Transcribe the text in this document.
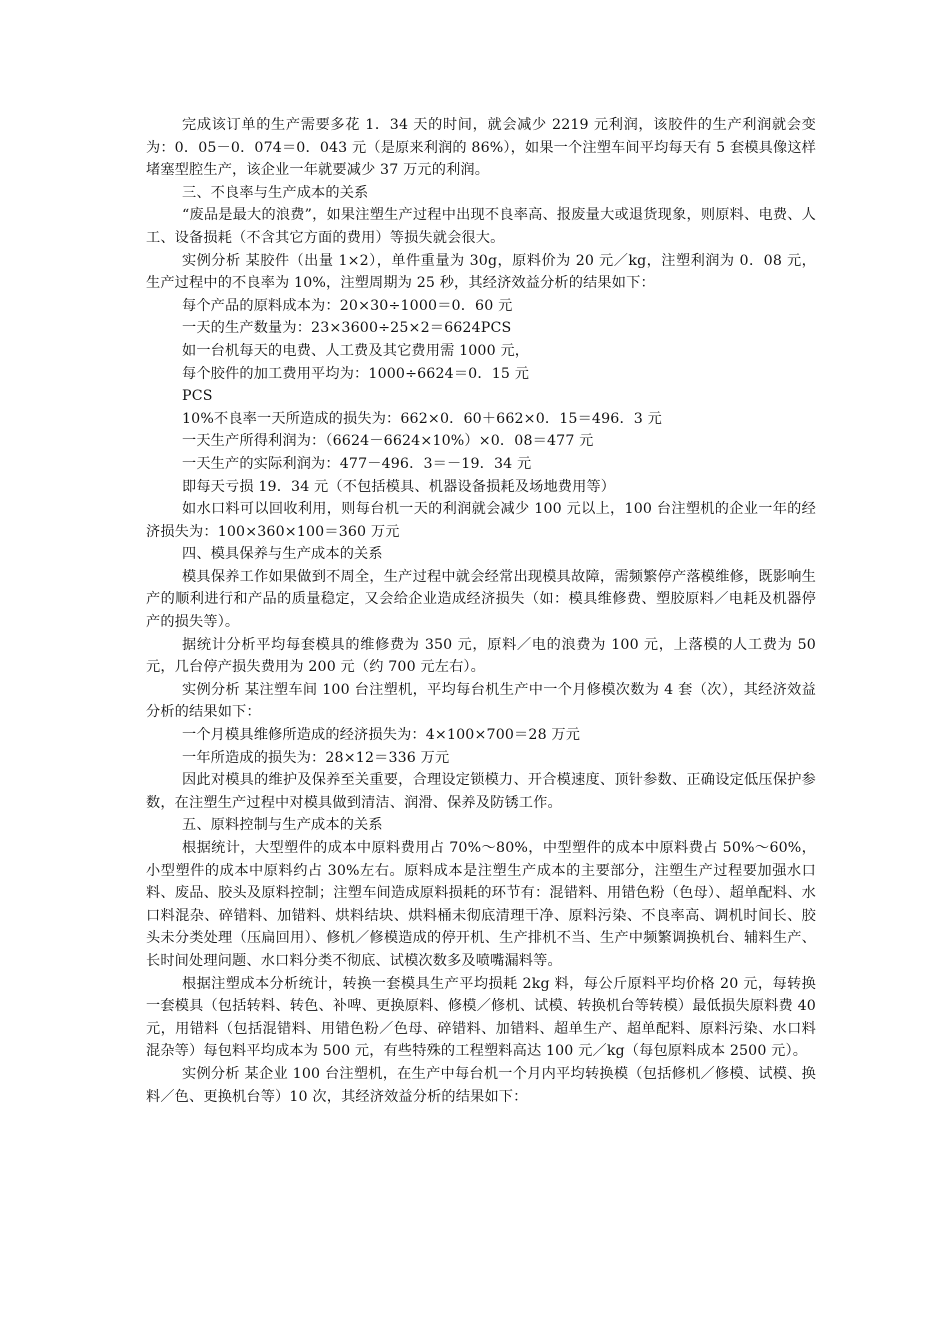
完成该订单的生产需要多花 1．34 天的时间，就会减少 2219 元利润，该胶件的生产利润就会变为：0．05－0．074＝0．043 元（是原来利润的 86%），如果一个注塑车间平均每天有 5 套模具像这样堵塞型腔生产，该企业一年就要减少 37 万元的利润。

三、不良率与生产成本的关系

“废品是最大的浪费”，如果注塑生产过程中出现不良率高、报废量大或退货现象，则原料、电费、人工、设备损耗（不含其它方面的费用）等损失就会很大。

实例分析 某胶件（出量 1×2），单件重量为 30g，原料价为 20 元／kg，注塑利润为 0．08 元，生产过程中的不良率为 10%，注塑周期为 25 秒，其经济效益分析的结果如下：

每个产品的原料成本为：20×30÷1000＝0．60 元

一天的生产数量为：23×3600÷25×2＝6624PCS

如一台机每天的电费、人工费及其它费用需 1000 元，

每个胶件的加工费用平均为：1000÷6624＝0．15 元

PCS

10%不良率一天所造成的损失为：662×0．60＋662×0．15＝496．3 元

一天生产所得利润为：（6624－6624×10%）×0．08＝477 元

一天生产的实际利润为：477－496．3＝－19．34 元

即每天亏损 19．34 元（不包括模具、机器设备损耗及场地费用等）

如水口料可以回收利用，则每台机一天的利润就会减少 100 元以上，100 台注塑机的企业一年的经济损失为：100×360×100＝360 万元

四、模具保养与生产成本的关系

模具保养工作如果做到不周全，生产过程中就会经常出现模具故障，需频繁停产落模维修，既影响生产的顺利进行和产品的质量稳定，又会给企业造成经济损失（如：模具维修费、塑胶原料／电耗及机器停产的损失等）。

据统计分析平均每套模具的维修费为 350 元，原料／电的浪费为 100 元，上落模的人工费为 50 元，几台停产损失费用为 200 元（约 700 元左右）。

实例分析 某注塑车间 100 台注塑机，平均每台机生产中一个月修模次数为 4 套（次），其经济效益分析的结果如下：

一个月模具维修所造成的经济损失为：4×100×700＝28 万元

一年所造成的损失为：28×12＝336 万元

因此对模具的维护及保养至关重要，合理设定锁模力、开合模速度、顶针参数、正确设定低压保护参数，在注塑生产过程中对模具做到清洁、润滑、保养及防锈工作。

五、原料控制与生产成本的关系

根据统计，大型塑件的成本中原料费用占 70%～80%，中型塑件的成本中原料费占 50%～60%，小型塑件的成本中原料约占 30%左右。原料成本是注塑生产成本的主要部分，注塑生产过程要加强水口料、废品、胶头及原料控制；注塑车间造成原料损耗的环节有：混错料、用错色粉（色母）、超单配料、水口料混杂、碎错料、加错料、烘料结块、烘料桶未彻底清理干净、原料污染、不良率高、调机时间长、胶头未分类处理（压扁回用）、修机／修模造成的停开机、生产排机不当、生产中频繁调换机台、辅料生产、长时间处理问题、水口料分类不彻底、试模次数多及喷嘴漏料等。

根据注塑成本分析统计，转换一套模具生产平均损耗 2kg 料，每公斤原料平均价格 20 元，每转换一套模具（包括转料、转色、补啤、更换原料、修模／修机、试模、转换机台等转模）最低损失原料费 40 元，用错料（包括混错料、用错色粉／色母、碎错料、加错料、超单生产、超单配料、原料污染、水口料混杂等）每包料平均成本为 500 元，有些特殊的工程塑料高达 100 元／kg（每包原料成本 2500 元）。

实例分析 某企业 100 台注塑机，在生产中每台机一个月内平均转换模（包括修机／修模、试模、换料／色、更换机台等）10 次，其经济效益分析的结果如下：
